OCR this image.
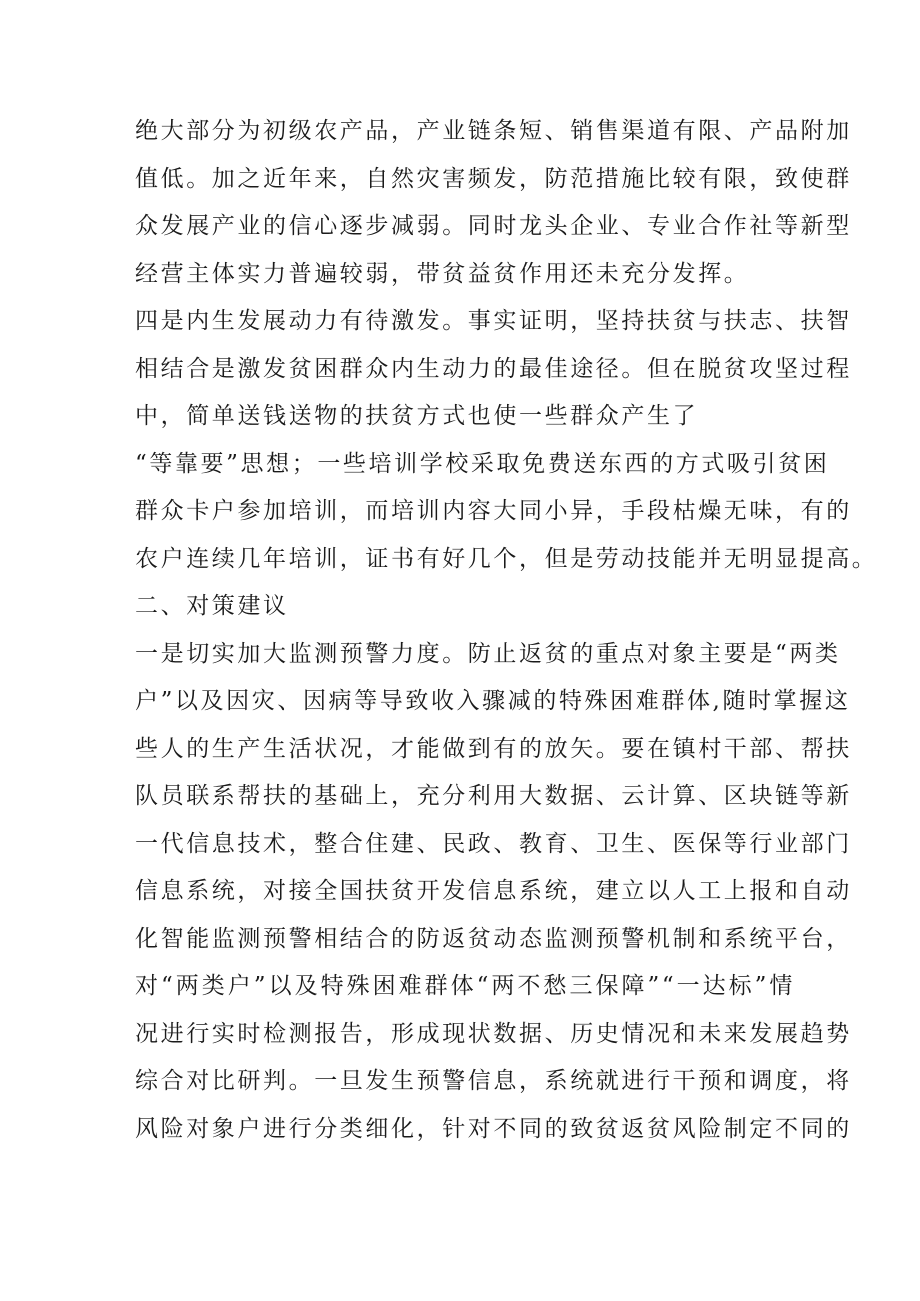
绝大部分为初级农产品，产业链条短、销售渠道有限、产品附加
值低。加之近年来，自然灾害频发，防范措施比较有限，致使群
众发展产业的信心逐步减弱。同时龙头企业、专业合作社等新型
经营主体实力普遍较弱，带贫益贫作用还未充分发挥。
四是内生发展动力有待激发。事实证明，坚持扶贫与扶志、扶智
相结合是激发贫困群众内生动力的最佳途径。但在脱贫攻坚过程
中，简单送钱送物的扶贫方式也使一些群众产生了
“等靠要”思想；一些培训学校采取免费送东西的方式吸引贫困
群众卡户参加培训，而培训内容大同小异，手段枯燥无味，有的
农户连续几年培训，证书有好几个，但是劳动技能并无明显提高。
二、对策建议
一是切实加大监测预警力度。防止返贫的重点对象主要是“两类
户”以及因灾、因病等导致收入骤减的特殊困难群体,随时掌握这
些人的生产生活状况，才能做到有的放矢。要在镇村干部、帮扶
队员联系帮扶的基础上，充分利用大数据、云计算、区块链等新
一代信息技术，整合住建、民政、教育、卫生、医保等行业部门
信息系统，对接全国扶贫开发信息系统，建立以人工上报和自动
化智能监测预警相结合的防返贫动态监测预警机制和系统平台，
对“两类户”以及特殊困难群体“两不愁三保障”“一达标”情
况进行实时检测报告，形成现状数据、历史情况和未来发展趋势
综合对比研判。一旦发生预警信息，系统就进行干预和调度，将
风险对象户进行分类细化，针对不同的致贫返贫风险制定不同的
